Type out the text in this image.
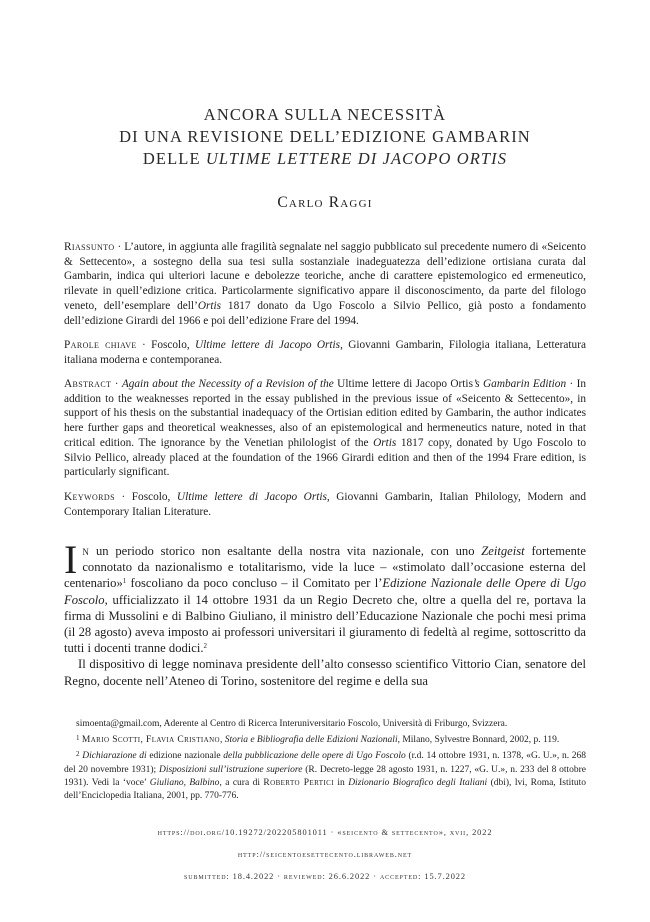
ANCORA SULLA NECESSITÀ
DI UNA REVISIONE DELL’EDIZIONE GAMBARIN
DELLE ULTIME LETTERE DI JACOPO ORTIS
Carlo Raggi
Riassunto · L’autore, in aggiunta alle fragilità segnalate nel saggio pubblicato sul precedente numero di «Seicento & Settecento», a sostegno della sua tesi sulla sostanziale inadeguatezza dell’edizione ortisiana curata dal Gambarin, indica qui ulteriori lacune e debolezze teoriche, anche di carattere epistemologico ed ermeneutico, rilevate in quell’edizione critica. Particolarmente significativo appare il disconoscimento, da parte del filologo veneto, dell’esemplare dell’Ortis 1817 donato da Ugo Foscolo a Silvio Pellico, già posto a fondamento dell’edizione Girardi del 1966 e poi dell’edizione Frare del 1994.
Parole chiave · Foscolo, Ultime lettere di Jacopo Ortis, Giovanni Gambarin, Filologia italiana, Letteratura italiana moderna e contemporanea.
Abstract · Again about the Necessity of a Revision of the Ultime lettere di Jacopo Ortis’s Gambarin Edition · In addition to the weaknesses reported in the essay published in the previous issue of «Seicento & Settecento», in support of his thesis on the substantial inadequacy of the Ortisian edition edited by Gambarin, the author indicates here further gaps and theoretical weaknesses, also of an epistemological and hermeneutics nature, noted in that critical edition. The ignorance by the Venetian philologist of the Ortis 1817 copy, donated by Ugo Foscolo to Silvio Pellico, already placed at the foundation of the 1966 Girardi edition and then of the 1994 Frare edition, is particularly significant.
Keywords · Foscolo, Ultime lettere di Jacopo Ortis, Giovanni Gambarin, Italian Philology, Modern and Contemporary Italian Literature.

In un periodo storico non esaltante della nostra vita nazionale, con uno Zeitgeist fortemente connotato da nazionalismo e totalitarismo, vide la luce – «stimolato dall’occasione esterna del centenario»$^1$ foscoliano da poco concluso – il Comitato per l’Edizione Nazionale delle Opere di Ugo Foscolo, ufficializzato il 14 ottobre 1931 da un Regio Decreto che, oltre a quella del re, portava la firma di Mussolini e di Balbino Giuliano, il ministro dell’Educazione Nazionale che pochi mesi prima (il 28 agosto) aveva imposto ai professori universitari il giuramento di fedeltà al regime, sottoscritto da tutti i docenti tranne dodici.$^2$

Il dispositivo di legge nominava presidente dell’alto consesso scientifico Vittorio Cian, senatore del Regno, docente nell’Ateneo di Torino, sostenitore del regime e della sua

simoenta@gmail.com, Aderente al Centro di Ricerca Interuniversitario Foscolo, Università di Friburgo, Svizzera.

$^1$ Mario Scotti, Flavia Cristiano, Storia e Bibliografia delle Edizioni Nazionali, Milano, Sylvestre Bonnard, 2002, p. 119.

$^2$ Dichiarazione di edizione nazionale della pubblicazione delle opere di Ugo Foscolo (r.d. 14 ottobre 1931, n. 1378, «G. U.», n. 268 del 20 novembre 1931); Disposizioni sull’istruzione superiore (R. Decreto-legge 28 agosto 1931, n. 1227, «G. U.», n. 233 del 8 ottobre 1931). Vedi la ‘voce’ Giuliano, Balbino, a cura di Roberto Pertici in Dizionario Biografico degli Italiani (dbi), lvi, Roma, Istituto dell’Enciclopedia Italiana, 2001, pp. 770-776.

https://doi.org/10.19272/202205801011 · «seicento & settecento», xvii, 2022
http://seicentoesettecento.libraweb.net
submitted: 18.4.2022 · reviewed: 26.6.2022 · accepted: 15.7.2022
